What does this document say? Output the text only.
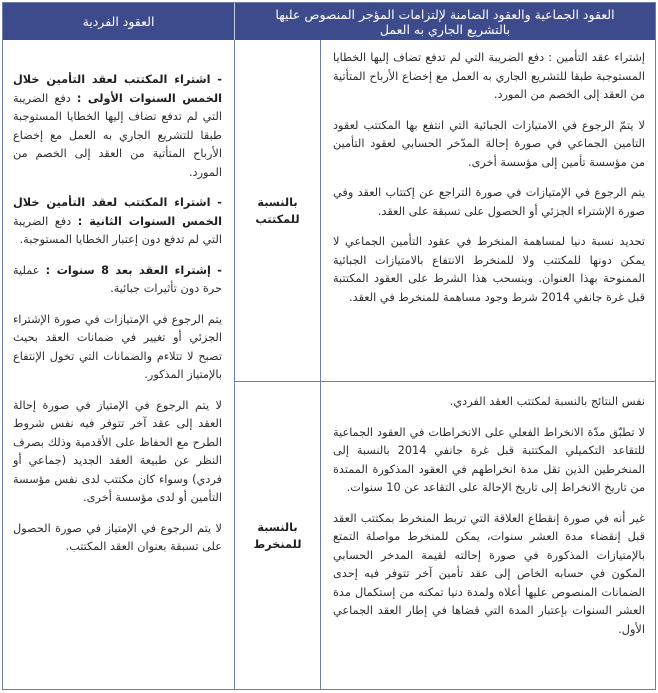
العقود الفردية	العقود الجماعية والعقود الضامنة لإلتزامات المؤجر المنصوص عليها بالتشريع الجاري به العمل

- اشتراء المكتتب لعقد التأمين خلال الخمس السنوات الأولى : دفع الضريبة التي لم تدفع تضاف إليها الخطايا المستوجبة طبقا للتشريع الجاري به العمل مع إخضاع الأرباح المتأتية من العقد إلى الخصم من المورد.

- اشتراء المكتتب لعقد التأمين خلال الخمس السنوات الثانية : دفع الضريبة التي لم تدفع دون إعتبار الخطايا المستوجبة.

- إشتراء العقد بعد 8 سنوات : عملية حرة دون تأثيرات جبائية.

يتم الرجوع في الإمتيازات في صورة الإشتراء الجزئي أو تغيير في ضمانات العقد بحيث تصبح لا تتلاءم والضمانات التي تخول الإنتفاع بالإمتياز المذكور.

لا يتم الرجوع في الإمتياز في صورة إحالة العقد إلى عقد آخر تتوفر فيه نفس شروط الطرح مع الحفاظ على الأقدمية وذلك بصرف النظر عن طبيعة العقد الجديد (جماعي أو فردي) وسواء كان مكتتب لدى نفس مؤسسة التأمين أو لدى مؤسسة أخرى.

لا يتم الرجوع في الإمتياز في صورة الحصول على تسبقة بعنوان العقد المكتتب.

بالنسبة للمكتتب

إشتراء عقد التأمين : دفع الضريبة التي لم تدفع تضاف إليها الخطايا المستوجبة طبقا للتشريع الجاري به العمل مع إخضاع الأرباح المتأتية من العقد إلى الخصم من المورد.

لا يتمّ الرجوع في الامتيازات الجبائية التي انتفع بها المكتتب لعقود التامين الجماعي في صورة إحالة المدّخر الحسابي لعقود التأمين من مؤسسة تأمين إلى مؤسسة أخرى.

يتم الرجوع في الإمتيازات في صورة التراجع عن إكتتاب العقد وفي صورة الإشتراء الجزئي أو الحصول على تسبقة على العقد.

تحديد نسبة دنيا لمساهمة المنخرط في عقود التأمين الجماعي لا يمكن دونها للمكتتب ولا للمنخرط الانتفاع بالامتيازات الجبائية الممنوحة بهذا العنوان. وينسحب هذا الشرط على العقود المكتتبة قبل غرة جانفي 2014 شرط وجود مساهمة للمنخرط في العقد.

بالنسبة للمنخرط

نفس النتائج بالنسبة لمكتتب العقد الفردي.

لا تطبّق مدّة الانخراط الفعلي على الانخراطات في العقود الجماعية للتقاعد التكميلي المكتتبة قبل غرة جانفي 2014 بالنسبة إلى المنخرطين الذين تقل مدة انخراطهم في العقود المذكورة الممتدة من تاريخ الانخراط إلى تاريخ الإحالة على التقاعد عن 10 سنوات.

غير أنه في صورة إنقطاع العلاقة التي تربط المنخرط بمكتتب العقد قبل إنقضاء مدة العشر سنوات، يمكن للمنخرط مواصلة التمتع بالإمتيازات المذكورة في صورة إحالته لقيمة المدخر الحسابي المكون في حسابه الخاص إلى عقد تأمين آخر تتوفر فيه إحدى الضمانات المنصوص عليها أعلاه ولمدة دنيا تمكنه من إستكمال مدة العشر السنوات بإعتبار المدة التي قضاها في إطار العقد الجماعي الأول.
